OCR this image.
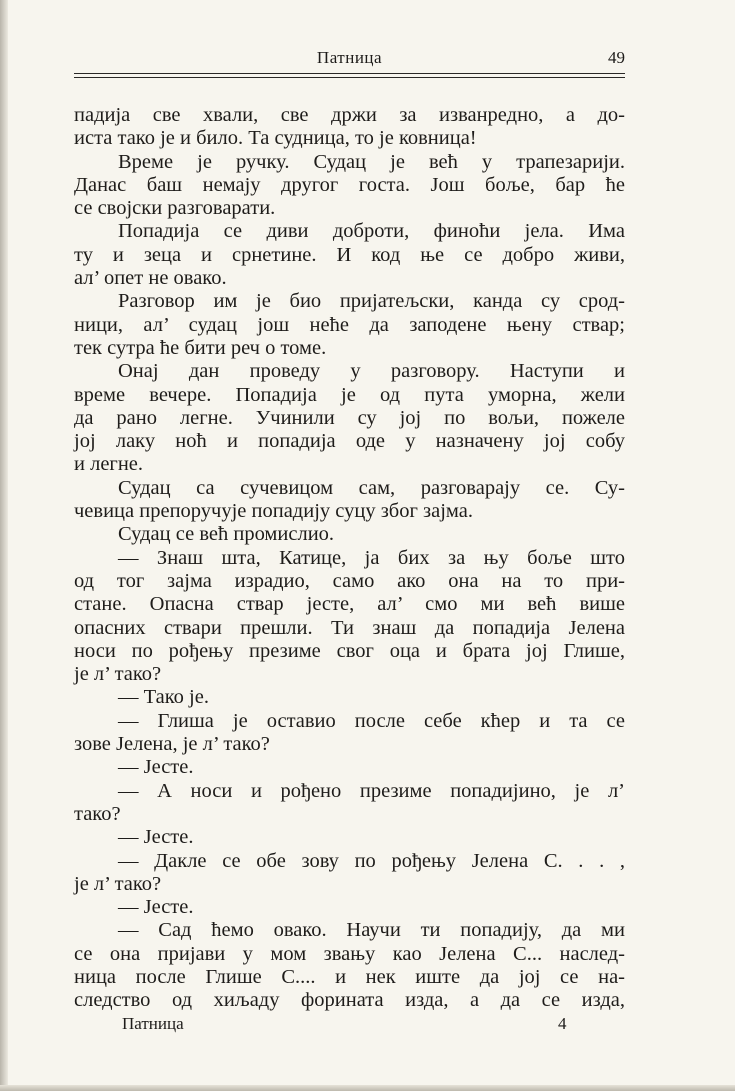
Патница	49
падија све хвали, све држи за изванредно, а до-
иста тако је и било. Та судница, то је ковница!
Време је ручку. Судац је већ у трапезарији.
Данас баш немају другог госта. Још боље, бар ће
се својски разговарати.
Попадија се диви доброти, финоћи јела. Има
ту и зеца и срнетине. И код ње се добро живи,
ал’ опет не овако.
Разговор им је био пријатељски, канда су срод-
ници, ал’ судац још неће да заподене њену ствар;
тек сутра ће бити реч о томе.
Онај дан проведу у разговору. Наступи и
време вечере. Попадија је од пута уморна, жели
да рано легне. Учинили су јој по вољи, пожеле
јој лаку ноћ и попадија оде у назначену јој собу
и легне.
Судац са сучевицом сам, разговарају се. Су-
чевица препоручује попадију суцу због зајма.
Судац се већ промислио.
— Знаш шта, Катице, ја бих за њу боље што
од тог зајма израдио, само ако она на то при-
стане. Опасна ствар јесте, ал’ смо ми већ више
опасних ствари прешли. Ти знаш да попадија Јелена
носи по рођењу презиме свог оца и брата јој Глише,
је л’ тако?
— Тако је.
— Глиша је оставио после себе кћер и та се
зове Јелена, је л’ тако?
— Јесте.
— А носи и рођено презиме попадијино, је л’
тако?
— Јесте.
— Дакле се обе зову по рођењу Јелена С. . . ,
је л’ тако?
— Јесте.
— Сад ћемо овако. Научи ти попадију, да ми
се она пријави у мом звању као Јелена С... наслед-
ница после Глише С.... и нек иште да јој се на-
следство од хиљаду форината изда, а да се изда,
Патница	4
